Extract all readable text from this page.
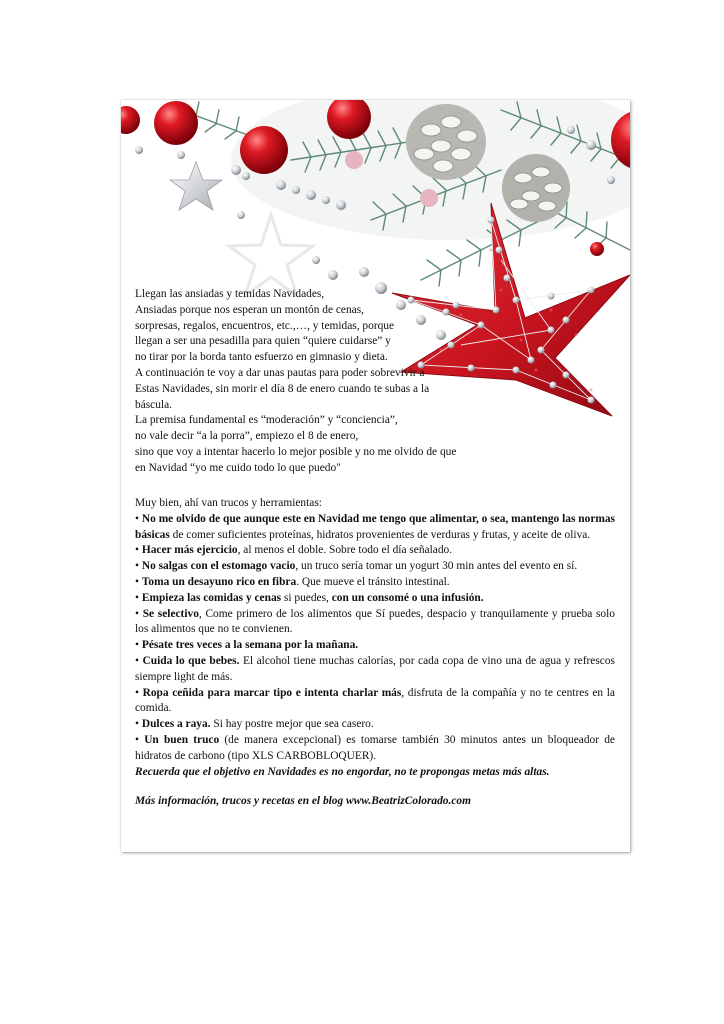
Llegan las ansiadas y temidas Navidades,
Ansiadas porque nos esperan un montón de cenas,
sorpresas, regalos, encuentros, etc.,…, y temidas, porque
llegan a ser una pesadilla para quien “quiere cuidarse” y
no tirar por la borda tanto esfuerzo en gimnasio y dieta.
A continuación te voy a dar unas pautas para poder sobrevivir a
Estas Navidades, sin morir el día 8 de enero cuando te subas a la
báscula.
La premisa fundamental es “moderación” y “conciencia”,
no vale decir “a la porra”, empiezo el 8 de enero,
sino que voy a intentar hacerlo lo mejor posible y no me olvido de que
en Navidad “yo me cuido todo lo que puedo"

Muy bien, ahí van trucos y herramientas:

• No me olvido de que aunque este en Navidad me tengo que alimentar, o sea, mantengo las normas básicas de comer suficientes proteínas, hidratos provenientes de verduras y frutas, y aceite de oliva.

• Hacer más ejercicio, al menos el doble. Sobre todo el día señalado.

• No salgas con el estomago vacio, un truco sería tomar un yogurt 30 min antes del evento en sí.

• Toma un desayuno rico en fibra. Que mueve el tránsito intestinal.

• Empieza las comidas y cenas si puedes, con un consomé o una infusión.

• Se selectivo, Come primero de los alimentos que Sí puedes, despacio y tranquilamente y prueba solo los alimentos que no te convienen.

• Pésate tres veces a la semana por la mañana.

• Cuida lo que bebes. El alcohol tiene muchas calorías, por cada copa de vino una de agua y refrescos siempre light de más.

• Ropa ceñida para marcar tipo e intenta charlar más, disfruta de la compañía y no te centres en la comida.

• Dulces a raya. Si hay postre mejor que sea casero.

• Un buen truco (de manera excepcional) es tomarse también 30 minutos antes un bloqueador de hidratos de carbono (tipo XLS CARBOBLOQUER).

Recuerda que el objetivo en Navidades es no engordar, no te propongas metas más altas.

Más información, trucos y recetas en el blog www.BeatrizColorado.com
